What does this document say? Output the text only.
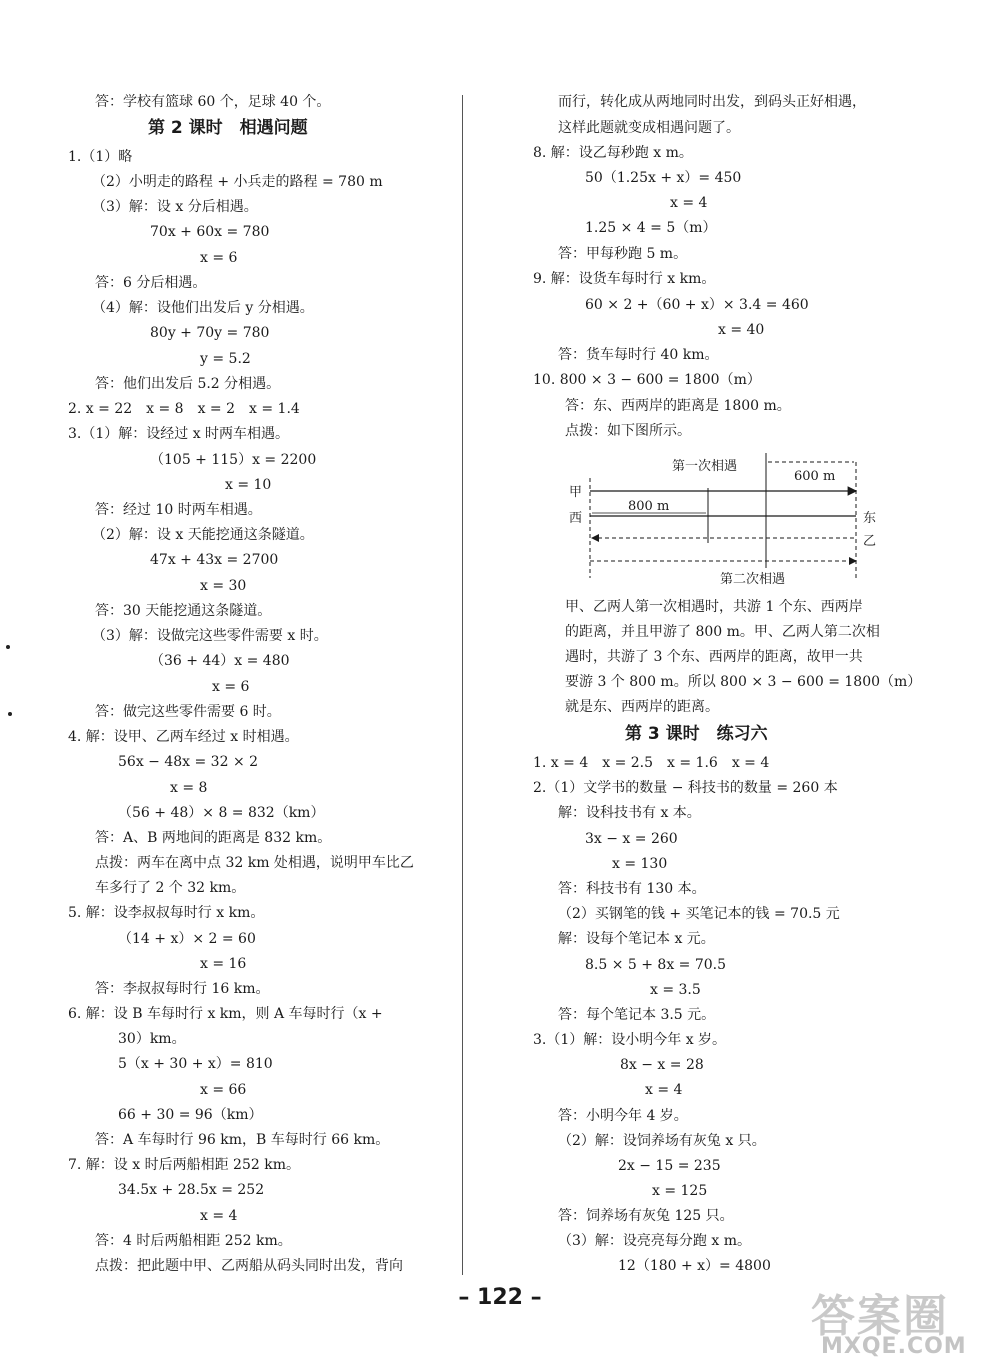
答：学校有篮球 60 个，足球 40 个。
第 2 课时　相遇问题
1.（1）略
（2）小明走的路程 + 小兵走的路程 = 780 m
（3）解：设 x 分后相遇。
70x + 60x = 780
x = 6
答：6 分后相遇。
（4）解：设他们出发后 y 分相遇。
80y + 70y = 780
y = 5.2
答：他们出发后 5.2 分相遇。
2. x = 22　x = 8　x = 2　x = 1.4
3.（1）解：设经过 x 时两车相遇。
（105 + 115）x = 2200
x = 10
答：经过 10 时两车相遇。
（2）解：设 x 天能挖通这条隧道。
47x + 43x = 2700
x = 30
答：30 天能挖通这条隧道。
（3）解：设做完这些零件需要 x 时。
（36 + 44）x = 480
x = 6
答：做完这些零件需要 6 时。
4. 解：设甲、乙两车经过 x 时相遇。
56x − 48x = 32 × 2
x = 8
（56 + 48）× 8 = 832（km）
答：A、B 两地间的距离是 832 km。
点拨：两车在离中点 32 km 处相遇，说明甲车比乙
车多行了 2 个 32 km。
5. 解：设李叔叔每时行 x km。
（14 + x）× 2 = 60
x = 16
答：李叔叔每时行 16 km。
6. 解：设 B 车每时行 x km，则 A 车每时行（x +
30）km。
5（x + 30 + x）= 810
x = 66
66 + 30 = 96（km）
答：A 车每时行 96 km，B 车每时行 66 km。
7. 解：设 x 时后两船相距 252 km。
34.5x + 28.5x = 252
x = 4
答：4 时后两船相距 252 km。
点拨：把此题中甲、乙两船从码头同时出发，背向
而行，转化成从两地同时出发，到码头正好相遇，
这样此题就变成相遇问题了。
8. 解：设乙每秒跑 x m。
50（1.25x + x）= 450
x = 4
1.25 × 4 = 5（m）
答：甲每秒跑 5 m。
9. 解：设货车每时行 x km。
60 × 2 +（60 + x）× 3.4 = 460
x = 40
答：货车每时行 40 km。
10. 800 × 3 − 600 = 1800（m）
答：东、西两岸的距离是 1800 m。
点拨：如下图所示。
第一次相遇
600 m
800 m
甲
西	东
乙
第二次相遇
甲、乙两人第一次相遇时，共游 1 个东、西两岸
的距离，并且甲游了 800 m。甲、乙两人第二次相
遇时，共游了 3 个东、西两岸的距离，故甲一共
要游 3 个 800 m。所以 800 × 3 − 600 = 1800（m）
就是东、西两岸的距离。
第 3 课时　练习六
1. x = 4　x = 2.5　x = 1.6　x = 4
2.（1）文学书的数量 − 科技书的数量 = 260 本
解：设科技书有 x 本。
3x − x = 260
x = 130
答：科技书有 130 本。
（2）买钢笔的钱 + 买笔记本的钱 = 70.5 元
解：设每个笔记本 x 元。
8.5 × 5 + 8x = 70.5
x = 3.5
答：每个笔记本 3.5 元。
3.（1）解：设小明今年 x 岁。
8x − x = 28
x = 4
答：小明今年 4 岁。
（2）解：设饲养场有灰兔 x 只。
2x − 15 = 235
x = 125
答：饲养场有灰兔 125 只。
（3）解：设亮亮每分跑 x m。
12（180 + x）= 4800
– 122 –	答案圈
MXQE.COM
